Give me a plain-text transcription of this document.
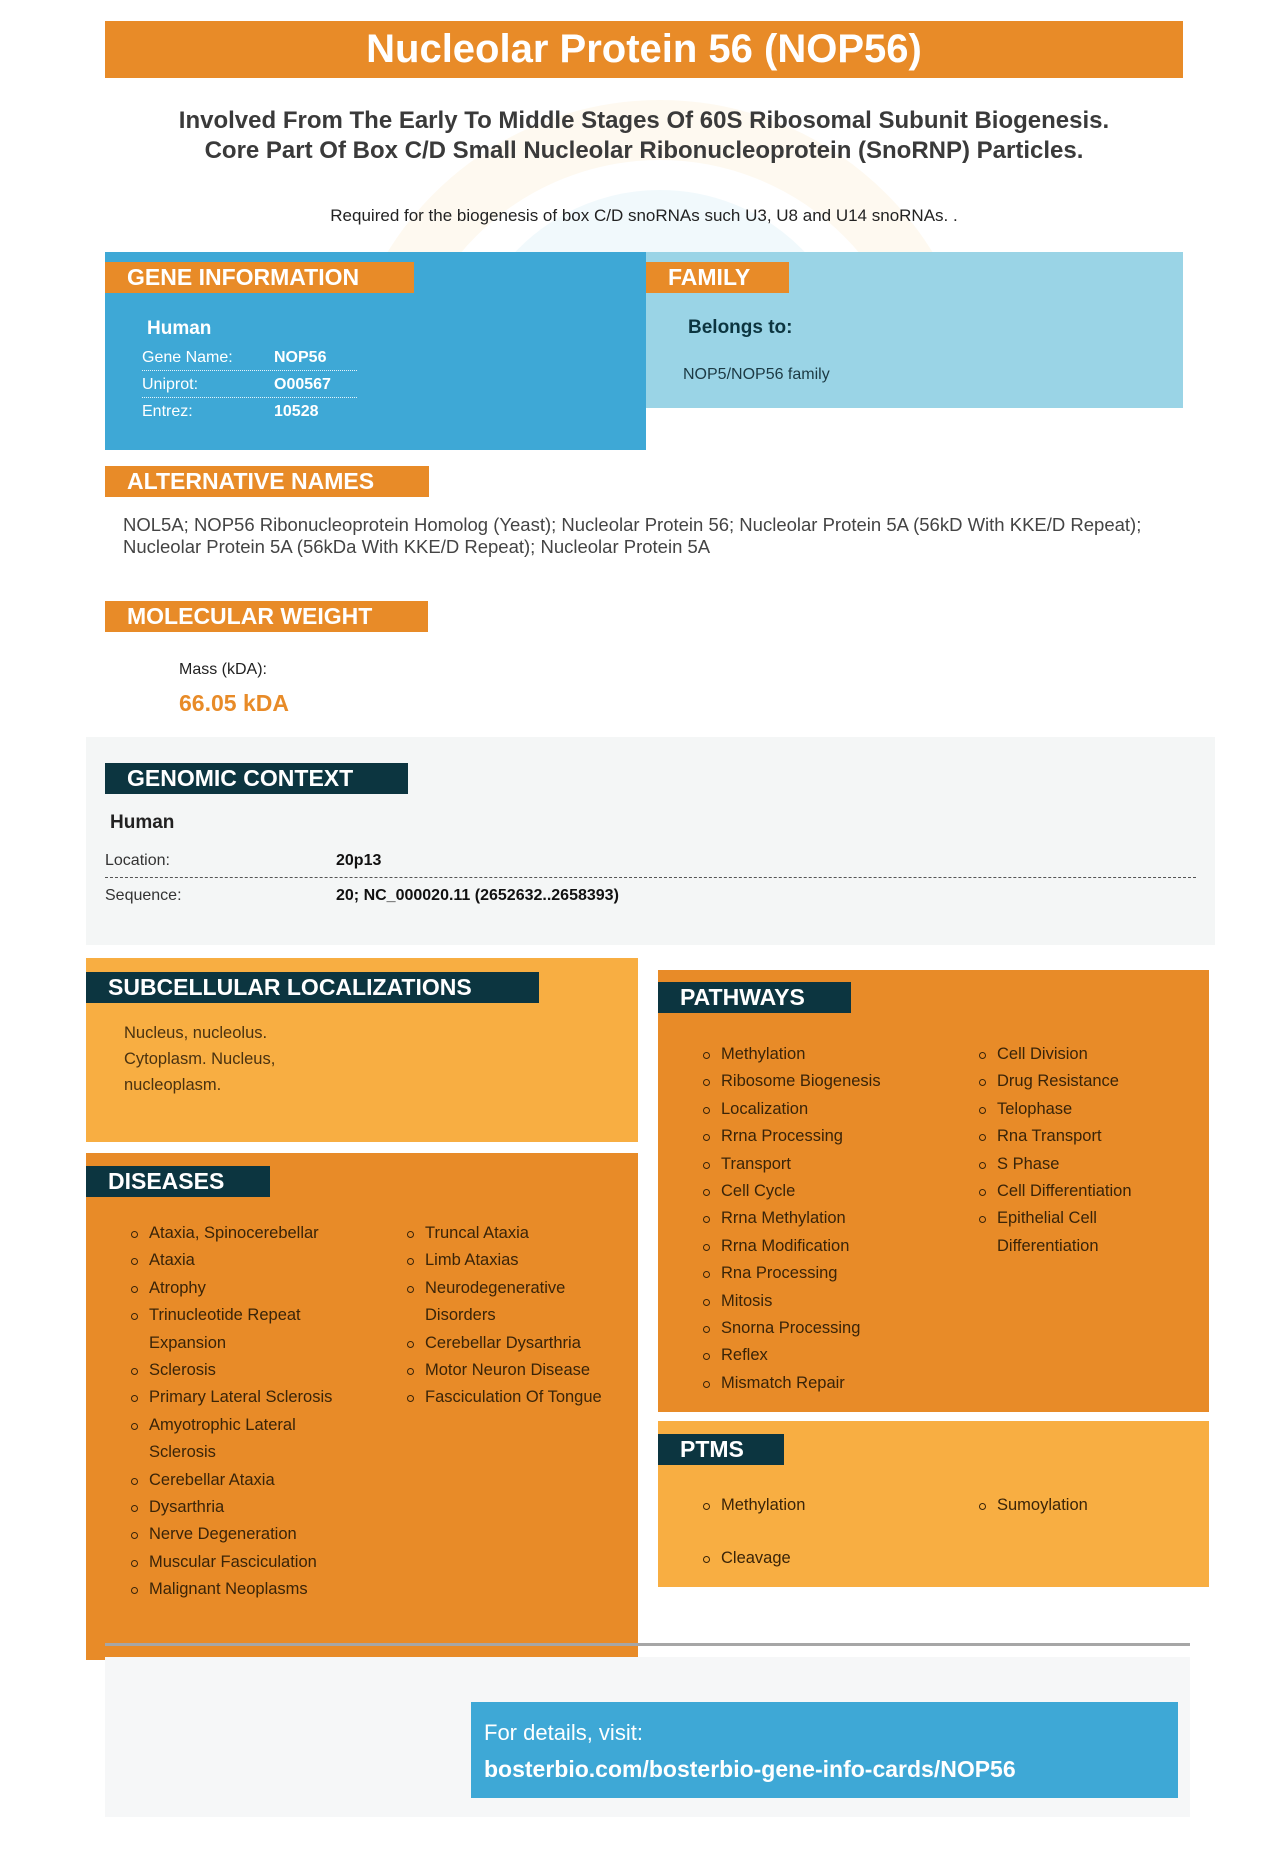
Nucleolar Protein 56 (NOP56)
Involved From The Early To Middle Stages Of 60S Ribosomal Subunit Biogenesis.
Core Part Of Box C/D Small Nucleolar Ribonucleoprotein (SnoRNP) Particles.
Required for the biogenesis of box C/D snoRNAs such U3, U8 and U14 snoRNAs. .
GENE INFORMATION
Human
Gene Name:	NOP56
Uniprot:	O00567
Entrez:	10528
FAMILY
Belongs to:
NOP5/NOP56 family
ALTERNATIVE NAMES
NOL5A; NOP56 Ribonucleoprotein Homolog (Yeast); Nucleolar Protein 56; Nucleolar Protein 5A (56kD With KKE/D Repeat); Nucleolar Protein 5A (56kDa With KKE/D Repeat); Nucleolar Protein 5A
MOLECULAR WEIGHT
Mass (kDA):
66.05 kDA
GENOMIC CONTEXT
Human
Location:	20p13
Sequence:	20; NC_000020.11 (2652632..2658393)
SUBCELLULAR LOCALIZATIONS
Nucleus, nucleolus.
Cytoplasm. Nucleus,
nucleoplasm.
DISEASES
Ataxia, Spinocerebellar
Ataxia
Atrophy
Trinucleotide Repeat Expansion
Sclerosis
Primary Lateral Sclerosis
Amyotrophic Lateral Sclerosis
Cerebellar Ataxia
Dysarthria
Nerve Degeneration
Muscular Fasciculation
Malignant Neoplasms
Truncal Ataxia
Limb Ataxias
Neurodegenerative Disorders
Cerebellar Dysarthria
Motor Neuron Disease
Fasciculation Of Tongue
PATHWAYS
Methylation
Ribosome Biogenesis
Localization
Rrna Processing
Transport
Cell Cycle
Rrna Methylation
Rrna Modification
Rna Processing
Mitosis
Snorna Processing
Reflex
Mismatch Repair
Cell Division
Drug Resistance
Telophase
Rna Transport
S Phase
Cell Differentiation
Epithelial Cell Differentiation
PTMS
Methylation
Cleavage
Sumoylation
For details, visit:
bosterbio.com/bosterbio-gene-info-cards/NOP56
